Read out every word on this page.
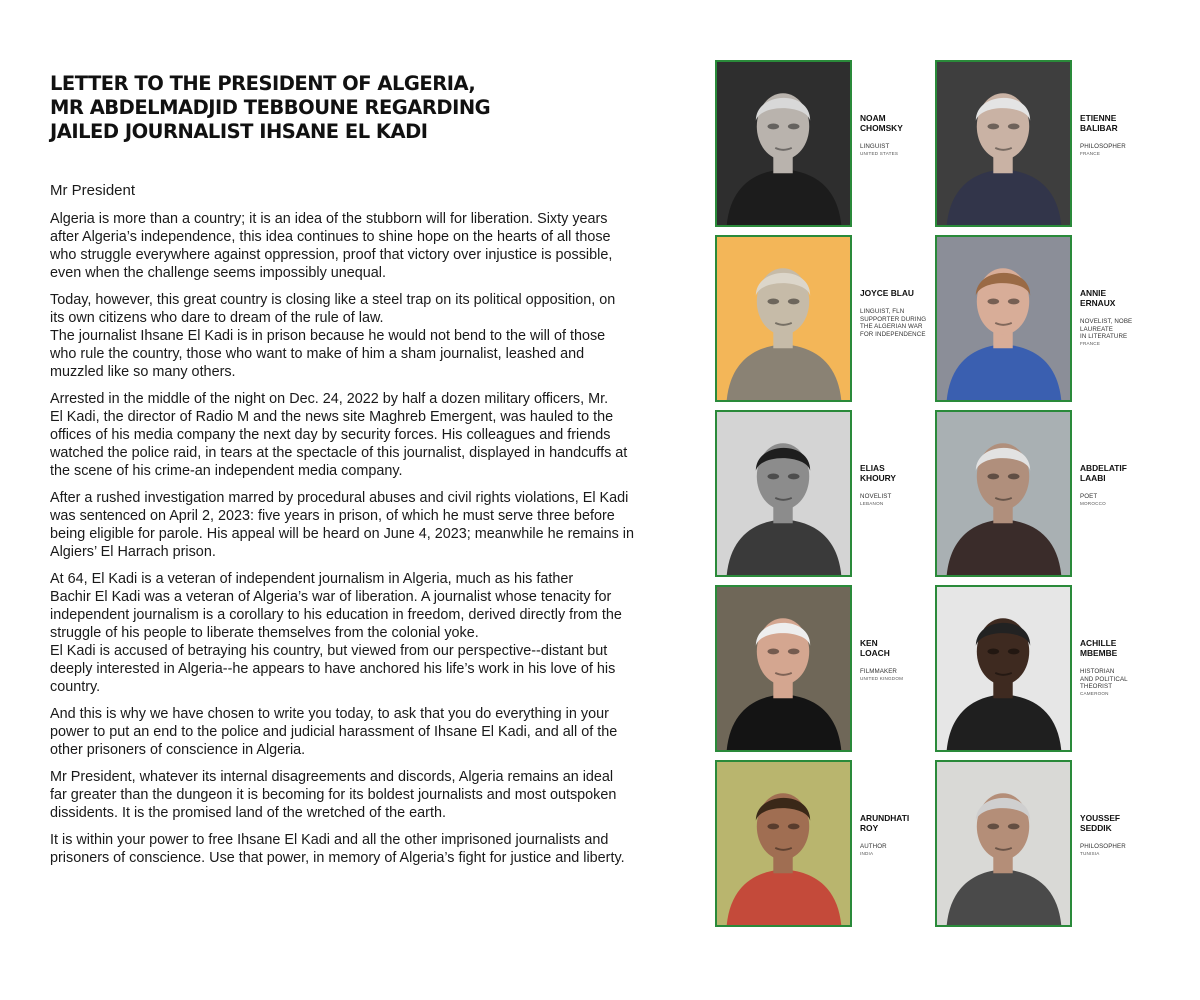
LETTER TO THE PRESIDENT OF ALGERIA,
MR ABDELMADJID TEBBOUNE REGARDING
JAILED JOURNALIST IHSANE EL KADI
Mr President

Algeria is more than a country; it is an idea of the stubborn will for liberation. Sixty years
after Algeria’s independence, this idea continues to shine hope on the hearts of all those
who struggle everywhere against oppression, proof that victory over injustice is possible,
even when the challenge seems impossibly unequal.

Today, however, this great country is closing like a steel trap on its political opposition, on
its own citizens who dare to dream of the rule of law.
The journalist Ihsane El Kadi is in prison because he would not bend to the will of those
who rule the country, those who want to make of him a sham journalist, leashed and
muzzled like so many others.

Arrested in the middle of the night on Dec. 24, 2022 by half a dozen military officers, Mr.
El Kadi, the director of Radio M and the news site Maghreb Emergent, was hauled to the
offices of his media company the next day by security forces. His colleagues and friends
watched the police raid, in tears at the spectacle of this journalist, displayed in handcuffs at
the scene of his crime-an independent media company.

After a rushed investigation marred by procedural abuses and civil rights violations, El Kadi
was sentenced on April 2, 2023: five years in prison, of which he must serve three before
being eligible for parole. His appeal will be heard on June 4, 2023; meanwhile he remains in
Algiers’ El Harrach prison.

At 64, El Kadi is a veteran of independent journalism in Algeria, much as his father
Bachir El Kadi was a veteran of Algeria’s war of liberation. A journalist whose tenacity for
independent journalism is a corollary to his education in freedom, derived directly from the
struggle of his people to liberate themselves from the colonial yoke.
El Kadi is accused of betraying his country, but viewed from our perspective--distant but
deeply interested in Algeria--he appears to have anchored his life’s work in his love of his
country.

And this is why we have chosen to write you today, to ask that you do everything in your
power to put an end to the police and judicial harassment of Ihsane El Kadi, and all of the
other prisoners of conscience in Algeria.

Mr President, whatever its internal disagreements and discords, Algeria remains an ideal
far greater than the dungeon it is becoming for its boldest journalists and most outspoken
dissidents. It is the promised land of the wretched of the earth.

It is within your power to free Ihsane El Kadi and all the other imprisoned journalists and
prisoners of conscience. Use that power, in memory of Algeria’s fight for justice and liberty.

NOAM
CHOMSKY
LINGUIST
UNITED STATES
ETIENNE
BALIBAR
PHILOSOPHER
FRANCE
JOYCE BLAU
LINGUIST, FLN
SUPPORTER DURING
THE ALGERIAN WAR
FOR INDEPENDENCE
ANNIE
ERNAUX
NOVELIST, NOBE
LAUREATE
IN LITERATURE
FRANCE
ELIAS
KHOURY
NOVELIST
LEBANON
ABDELATIF
LAABI
POET
MOROCCO
KEN
LOACH
FILMMAKER
UNITED KINGDOM
ACHILLE
MBEMBE
HISTORIAN
AND POLITICAL
THEORIST
CAMEROON
ARUNDHATI
ROY
AUTHOR
INDIA
YOUSSEF
SEDDIK
PHILOSOPHER
TUNISIA
